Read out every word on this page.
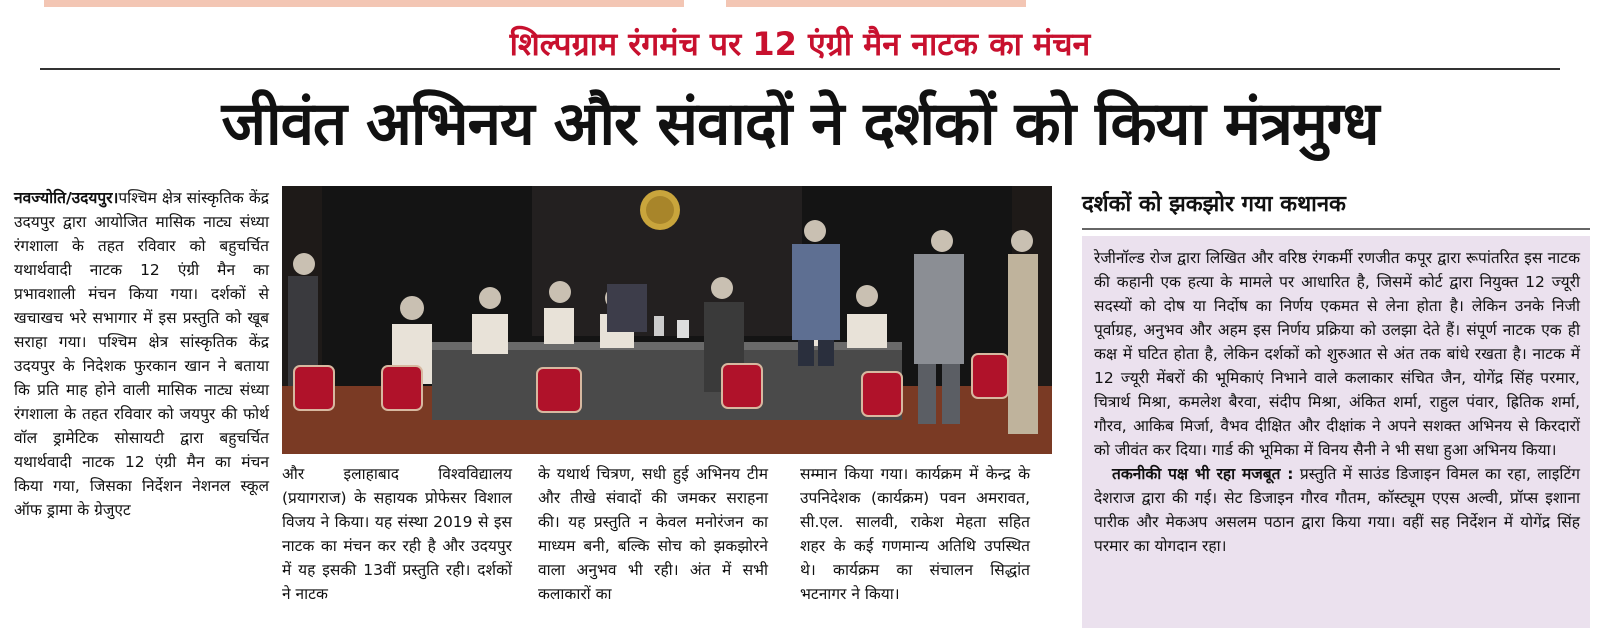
शिल्पग्राम रंगमंच पर 12 एंग्री मैन नाटक का मंचन
जीवंत अभिनय और संवादों ने दर्शकों को किया मंत्रमुग्ध

नवज्योति/उदयपुर।पश्चिम क्षेत्र सांस्कृतिक केंद्र उदयपुर द्वारा आयोजित मासिक नाट्य संध्या रंगशाला के तहत रविवार को बहुचर्चित यथार्थवादी नाटक 12 एंग्री मैन का प्रभावशाली मंचन किया गया। दर्शकों से खचाखच भरे सभागार में इस प्रस्तुति को खूब सराहा गया। पश्चिम क्षेत्र सांस्कृतिक केंद्र उदयपुर के निदेशक फुरकान खान ने बताया कि प्रति माह होने वाली मासिक नाट्य संध्या रंगशाला के तहत रविवार को जयपुर की फोर्थ वॉल ड्रामेटिक सोसायटी द्वारा बहुचर्चित यथार्थवादी नाटक 12 एंग्री मैन का मंचन किया गया, जिसका निर्देशन नेशनल स्कूल ऑफ ड्रामा के ग्रेजुएट

और इलाहाबाद विश्वविद्यालय (प्रयागराज) के सहायक प्रोफेसर विशाल विजय ने किया। यह संस्था 2019 से इस नाटक का मंचन कर रही है और उदयपुर में यह इसकी 13वीं प्रस्तुति रही। दर्शकों ने नाटक

के यथार्थ चित्रण, सधी हुई अभिनय टीम और तीखे संवादों की जमकर सराहना की। यह प्रस्तुति न केवल मनोरंजन का माध्यम बनी, बल्कि सोच को झकझोरने वाला अनुभव भी रही। अंत में सभी कलाकारों का

सम्मान किया गया। कार्यक्रम में केन्द्र के उपनिदेशक (कार्यक्रम) पवन अमरावत, सी.एल. सालवी, राकेश मेहता सहित शहर के कई गणमान्य अतिथि उपस्थित थे। कार्यक्रम का संचालन सिद्धांत भटनागर ने किया।

दर्शकों को झकझोर गया कथानक

रेजीनॉल्ड रोज द्वारा लिखित और वरिष्ठ रंगकर्मी रणजीत कपूर द्वारा रूपांतरित इस नाटक की कहानी एक हत्या के मामले पर आधारित है, जिसमें कोर्ट द्वारा नियुक्त 12 ज्यूरी सदस्यों को दोष या निर्दोष का निर्णय एकमत से लेना होता है। लेकिन उनके निजी पूर्वाग्रह, अनुभव और अहम इस निर्णय प्रक्रिया को उलझा देते हैं। संपूर्ण नाटक एक ही कक्ष में घटित होता है, लेकिन दर्शकों को शुरुआत से अंत तक बांधे रखता है। नाटक में 12 ज्यूरी मेंबरों की भूमिकाएं निभाने वाले कलाकार संचित जैन, योगेंद्र सिंह परमार, चित्रार्थ मिश्रा, कमलेश बैरवा, संदीप मिश्रा, अंकित शर्मा, राहुल पंवार, ह्रितिक शर्मा, गौरव, आकिब मिर्जा, वैभव दीक्षित और दीक्षांक ने अपने सशक्त अभिनय से किरदारों को जीवंत कर दिया। गार्ड की भूमिका में विनय सैनी ने भी सधा हुआ अभिनय किया।

तकनीकी पक्ष भी रहा मजबूत : प्रस्तुति में साउंड डिजाइन विमल का रहा, लाइटिंग देशराज द्वारा की गई। सेट डिजाइन गौरव गौतम, कॉस्ट्यूम एएस अल्वी, प्रॉप्स इशाना पारीक और मेकअप असलम पठान द्वारा किया गया। वहीं सह निर्देशन में योगेंद्र सिंह परमार का योगदान रहा।
